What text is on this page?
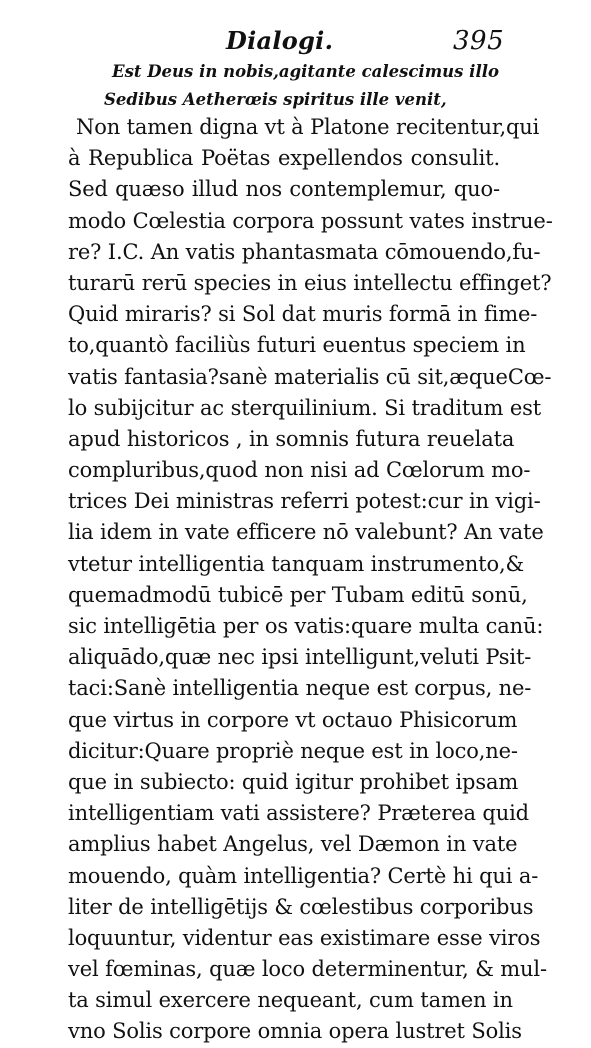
Dialogi.	395
Est Deus in nobis,agitante calescimus illo
Sedibus Aetherœis spiritus ille venit,
Non tamen digna vt à Platone recitentur,qui
à Republica Poëtas expellendos consulit.
Sed quæso illud nos contemplemur, quo-
modo Cœlestia corpora possunt vates instrue-
re? I.C. An vatis phantasmata cōmouendo,fu-
turarū rerū species in eius intellectu effinget?
Quid miraris? si Sol dat muris formā in fime-
to,quantò faciliùs futuri euentus speciem in
vatis fantasia?sanè materialis cū sit,æqueCœ-
lo subijcitur ac sterquilinium. Si traditum est
apud historicos , in somnis futura reuelata
compluribus,quod non nisi ad Cœlorum mo-
trices Dei ministras referri potest:cur in vigi-
lia idem in vate efficere nō valebunt? An vate
vtetur intelligentia tanquam instrumento,&
quemadmodū tubicē per Tubam editū sonū,
sic intelligētia per os vatis:quare multa canū:
aliquādo,quæ nec ipsi intelligunt,veluti Psit-
taci:Sanè intelligentia neque est corpus, ne-
que virtus in corpore vt octauo Phisicorum
dicitur:Quare propriè neque est in loco,ne-
que in subiecto: quid igitur prohibet ipsam
intelligentiam vati assistere? Præterea quid
amplius habet Angelus, vel Dæmon in vate
mouendo, quàm intelligentia? Certè hi qui a-
liter de intelligētijs & cœlestibus corporibus
loquuntur, videntur eas existimare esse viros
vel fœminas, quæ loco determinentur, & mul-
ta simul exercere nequeant, cum tamen in
vno Solis corpore omnia opera lustret Solis
